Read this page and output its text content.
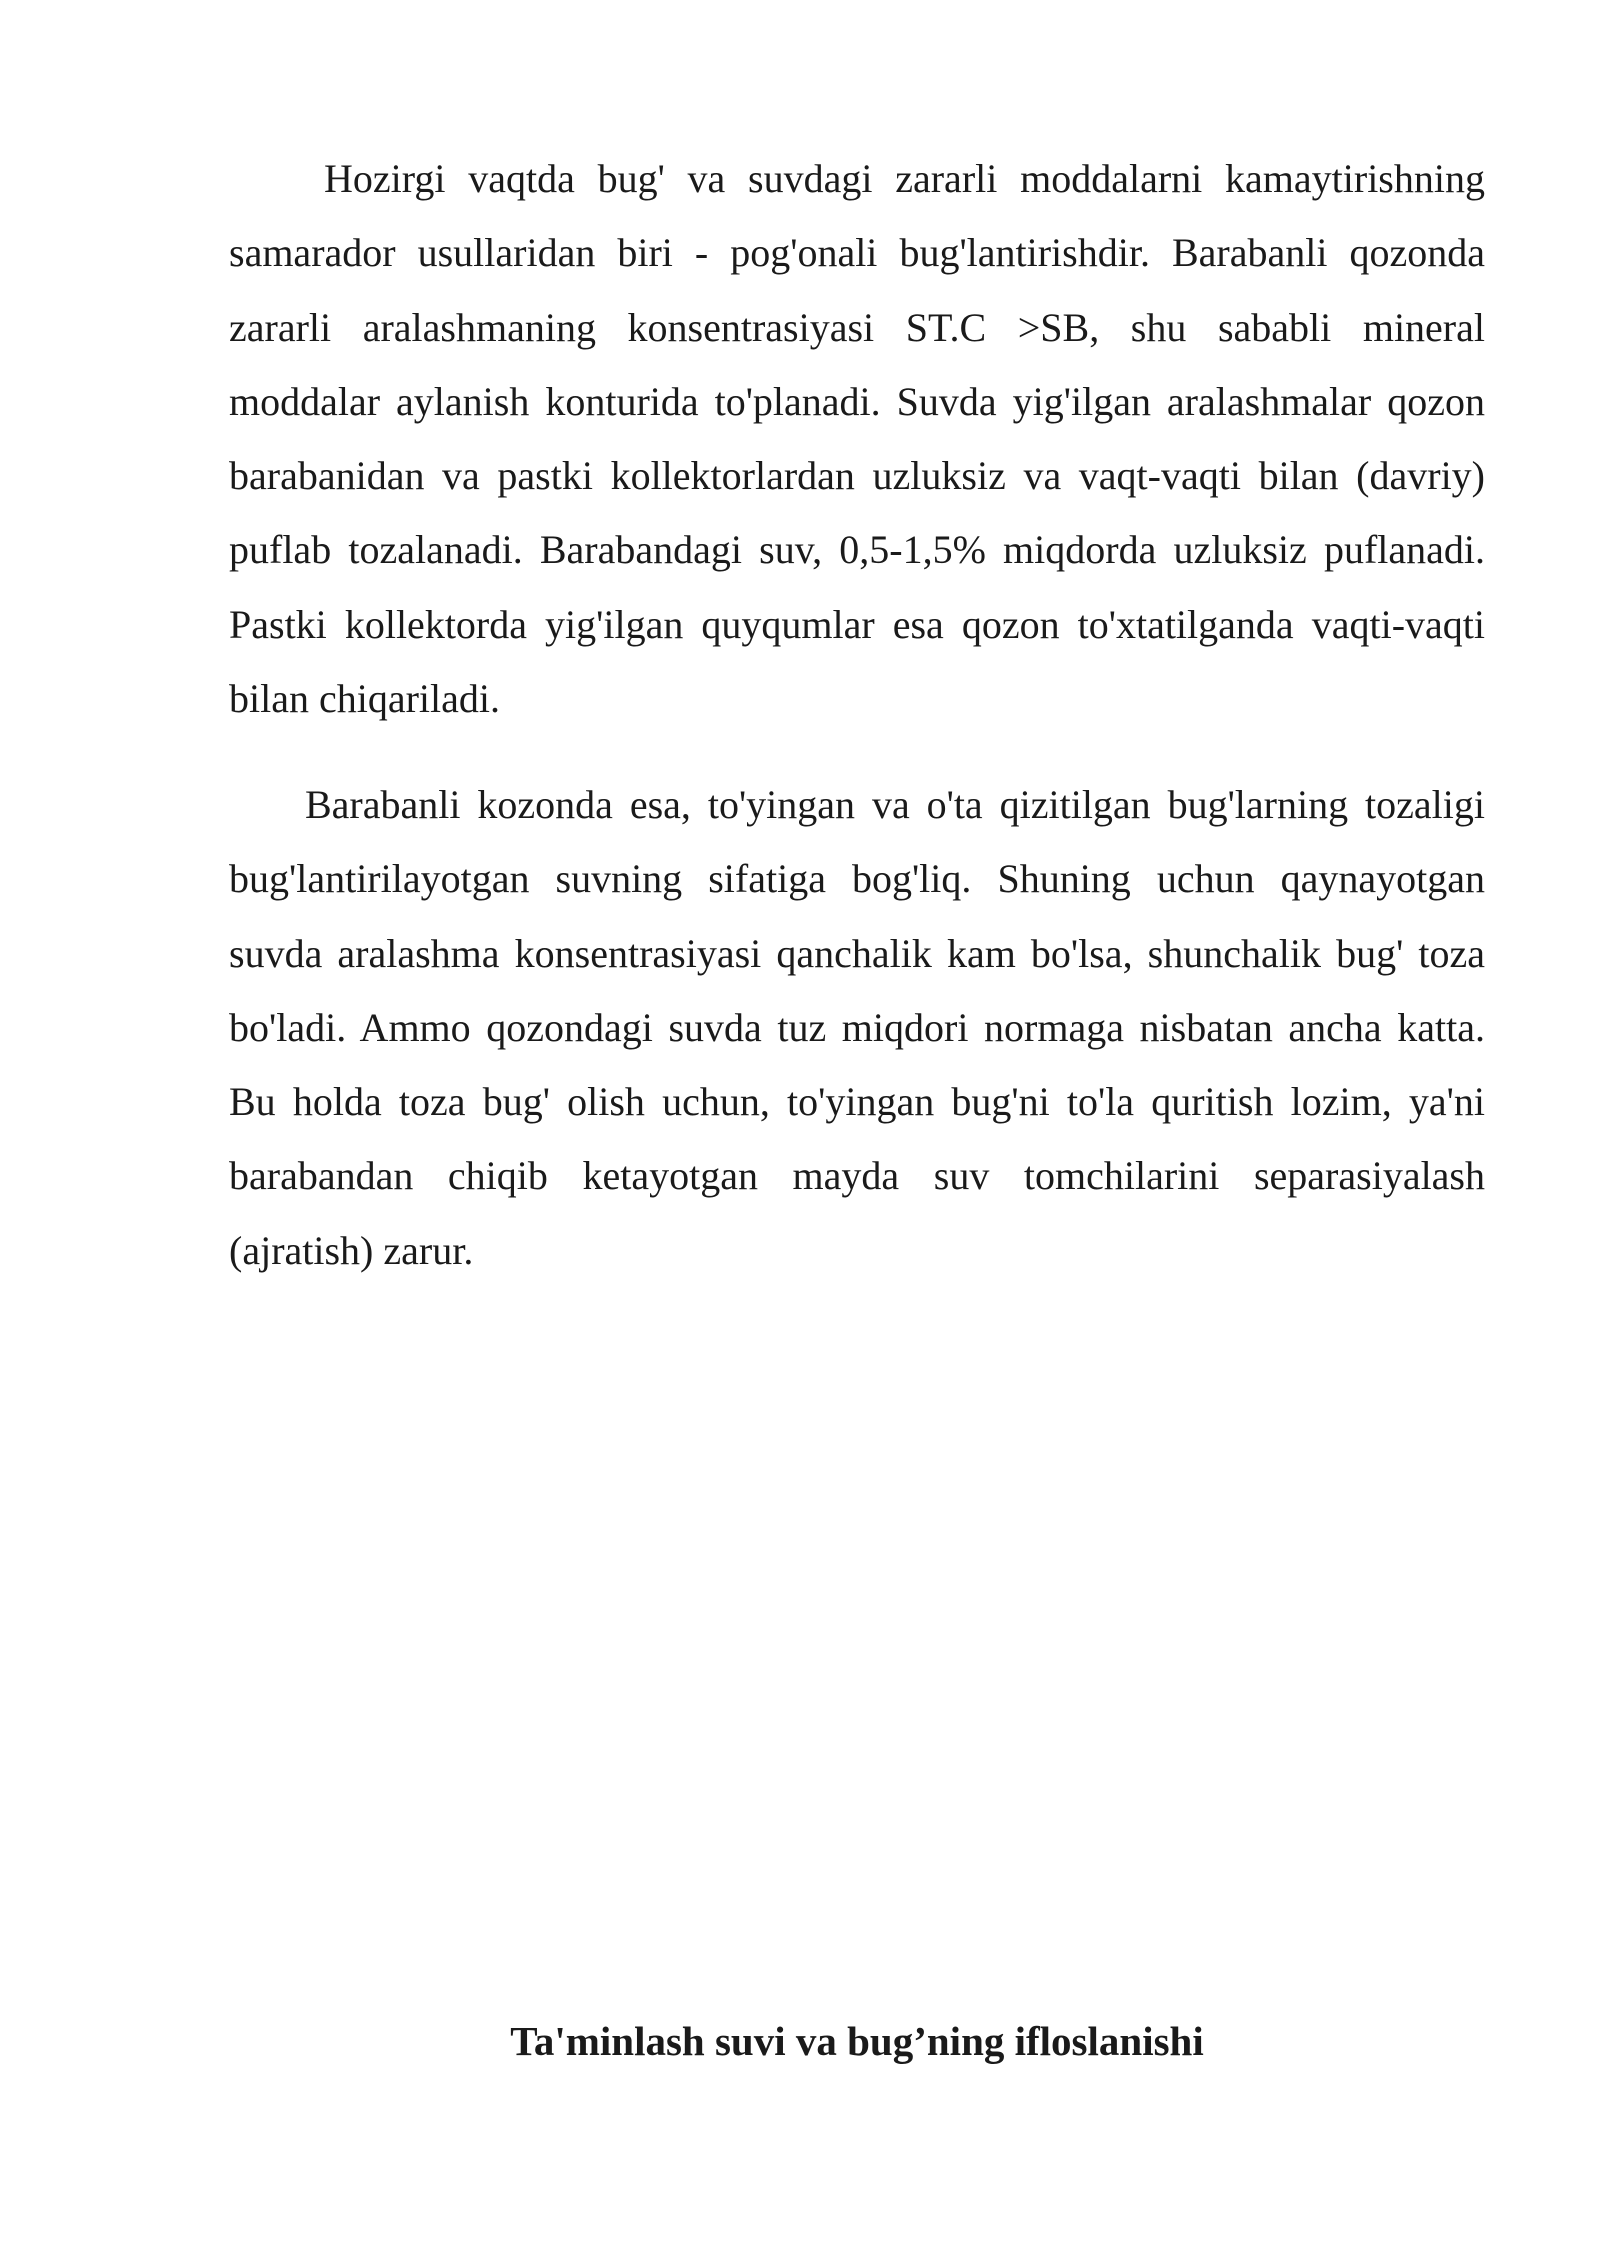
Hozirgi vaqtda bug' va suvdagi zararli moddalarni kamaytirishning samarador usullaridan biri - pog'onali bug'lantirishdir. Barabanli qozonda zararli aralashmaning konsentrasiyasi ST.C >SB, shu sababli mineral moddalar aylanish konturida to'planadi. Suvda yig'ilgan aralashmalar qozon barabanidan va pastki kollektorlardan uzluksiz va vaqt-vaqti bilan (davriy) puflab tozalanadi. Barabandagi suv, 0,5-1,5% miqdorda uzluksiz puflanadi. Pastki kollektorda yig'ilgan quyqumlar esa qozon to'xtatilganda vaqti-vaqti bilan chiqariladi.

Barabanli kozonda esa, to'yingan va o'ta qizitilgan bug'larning tozaligi bug'lantirilayotgan suvning sifatiga bog'liq. Shuning uchun qaynayotgan suvda aralashma konsentrasiyasi qanchalik kam bo'lsa, shunchalik bug' toza bo'ladi. Ammo qozondagi suvda tuz miqdori normaga nisbatan ancha katta. Bu holda toza bug' olish uchun, to'yingan bug'ni to'la quritish lozim, ya'ni barabandan chiqib ketayotgan mayda suv tomchilarini separasiyalash (ajratish) zarur.

Ta'minlash suvi va bug’ning ifloslanishi
